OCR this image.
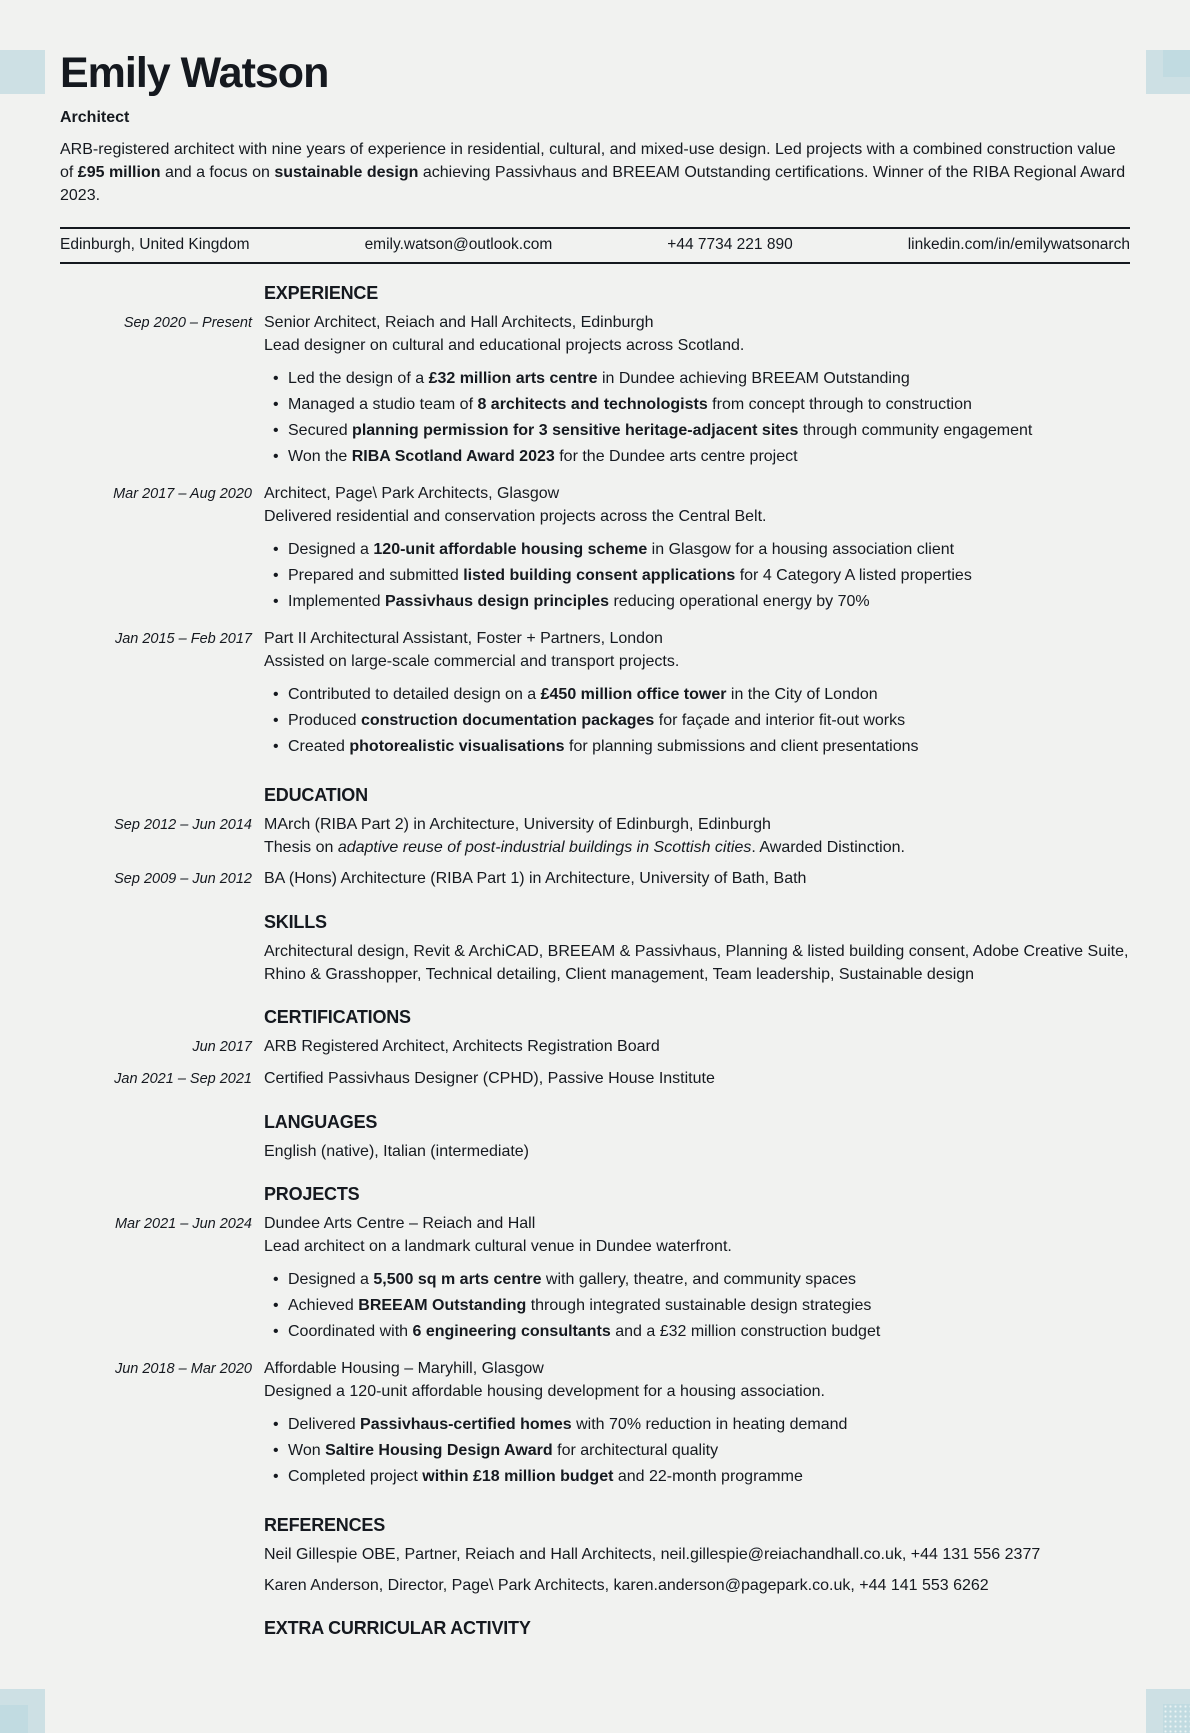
Emily Watson
Architect

ARB-registered architect with nine years of experience in residential, cultural, and mixed-use design. Led projects with a combined construction value of £95 million and a focus on sustainable design achieving Passivhaus and BREEAM Outstanding certifications. Winner of the RIBA Regional Award 2023.

Edinburgh, United Kingdom	emily.watson@outlook.com	+44 7734 221 890	linkedin.com/in/emilywatsonarch
EXPERIENCE
Sep 2020 – Present Senior Architect, Reiach and Hall Architects, Edinburgh
Lead designer on cultural and educational projects across Scotland.
• Led the design of a £32 million arts centre in Dundee achieving BREEAM Outstanding
• Managed a studio team of 8 architects and technologists from concept through to construction
• Secured planning permission for 3 sensitive heritage-adjacent sites through community engagement
• Won the RIBA Scotland Award 2023 for the Dundee arts centre project
Mar 2017 – Aug 2020 Architect, Page\ Park Architects, Glasgow
Delivered residential and conservation projects across the Central Belt.
• Designed a 120-unit affordable housing scheme in Glasgow for a housing association client
• Prepared and submitted listed building consent applications for 4 Category A listed properties
• Implemented Passivhaus design principles reducing operational energy by 70%
Jan 2015 – Feb 2017 Part II Architectural Assistant, Foster + Partners, London
Assisted on large-scale commercial and transport projects.
• Contributed to detailed design on a £450 million office tower in the City of London
• Produced construction documentation packages for façade and interior fit-out works
• Created photorealistic visualisations for planning submissions and client presentations
EDUCATION
Sep 2012 – Jun 2014 MArch (RIBA Part 2) in Architecture, University of Edinburgh, Edinburgh
Thesis on adaptive reuse of post-industrial buildings in Scottish cities. Awarded Distinction.
Sep 2009 – Jun 2012 BA (Hons) Architecture (RIBA Part 1) in Architecture, University of Bath, Bath
SKILLS
Architectural design, Revit & ArchiCAD, BREEAM & Passivhaus, Planning & listed building consent, Adobe Creative Suite, Rhino & Grasshopper, Technical detailing, Client management, Team leadership, Sustainable design
CERTIFICATIONS
Jun 2017 ARB Registered Architect, Architects Registration Board
Jan 2021 – Sep 2021 Certified Passivhaus Designer (CPHD), Passive House Institute
LANGUAGES
English (native), Italian (intermediate)
PROJECTS
Mar 2021 – Jun 2024 Dundee Arts Centre – Reiach and Hall
Lead architect on a landmark cultural venue in Dundee waterfront.
• Designed a 5,500 sq m arts centre with gallery, theatre, and community spaces
• Achieved BREEAM Outstanding through integrated sustainable design strategies
• Coordinated with 6 engineering consultants and a £32 million construction budget
Jun 2018 – Mar 2020 Affordable Housing – Maryhill, Glasgow
Designed a 120-unit affordable housing development for a housing association.
• Delivered Passivhaus-certified homes with 70% reduction in heating demand
• Won Saltire Housing Design Award for architectural quality
• Completed project within £18 million budget and 22-month programme
REFERENCES
Neil Gillespie OBE, Partner, Reiach and Hall Architects, neil.gillespie@reiachandhall.co.uk, +44 131 556 2377
Karen Anderson, Director, Page\ Park Architects, karen.anderson@pagepark.co.uk, +44 141 553 6262
EXTRA CURRICULAR ACTIVITY
